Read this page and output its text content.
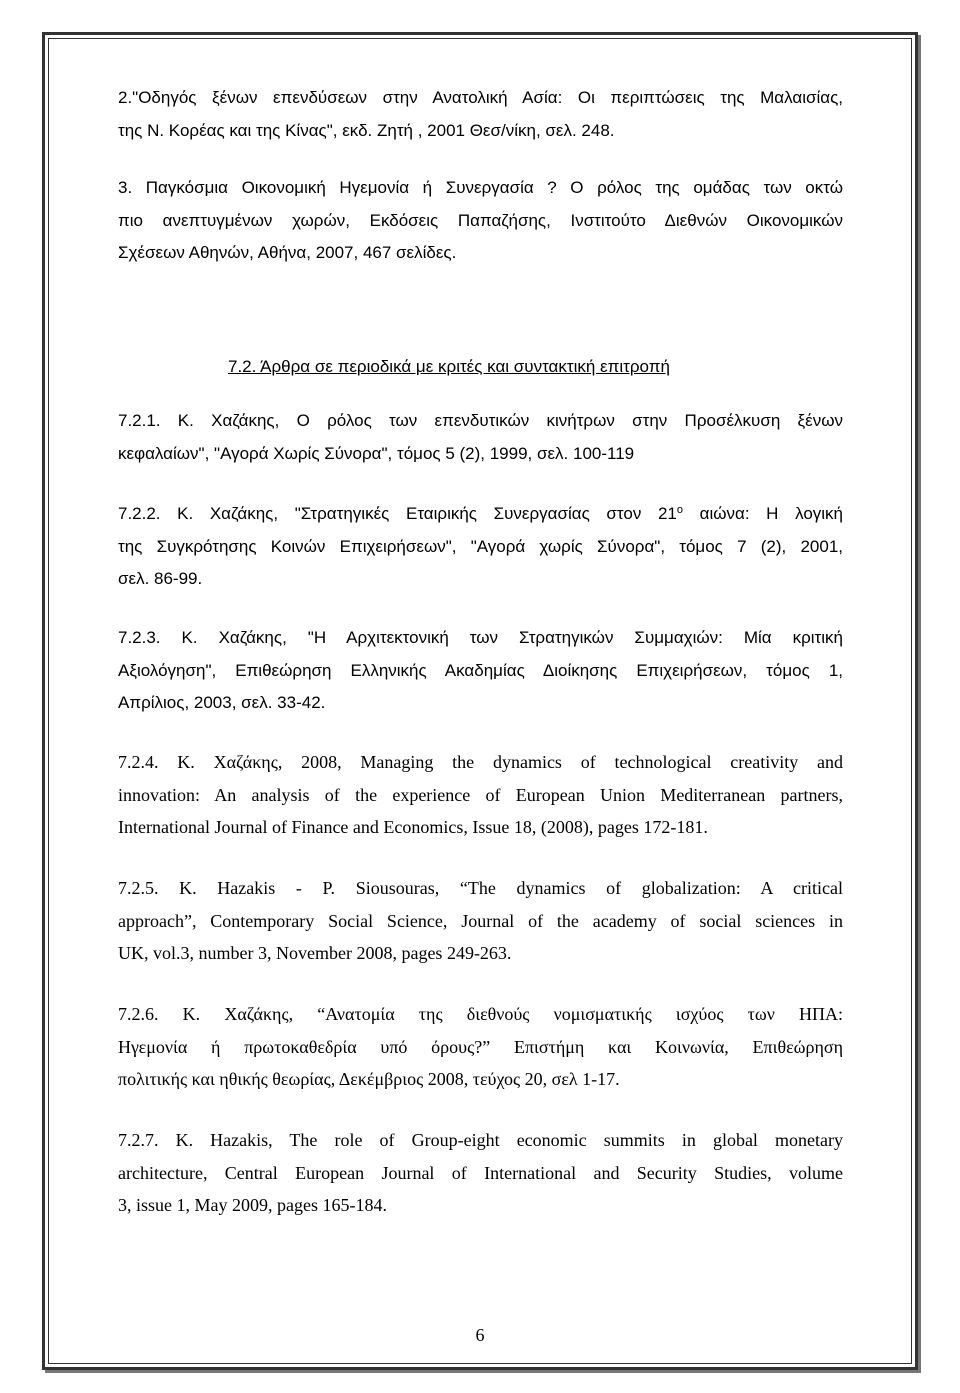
2."Οδηγός ξένων επενδύσεων στην Ανατολική Ασία: Οι περιπτώσεις της Μαλαισίας,
της Ν. Κορέας και της Κίνας", εκδ. Ζητή , 2001 Θεσ/νίκη, σελ. 248.
3. Παγκόσμια Οικονομική Ηγεμονία ή Συνεργασία ? Ο ρόλος της ομάδας των οκτώ
πιο ανεπτυγμένων χωρών, Εκδόσεις Παπαζήσης, Ινστιτούτο Διεθνών Οικονομικών
Σχέσεων Αθηνών, Αθήνα, 2007, 467 σελίδες.
7.2. Άρθρα σε περιοδικά με κριτές και συντακτική επιτροπή
7.2.1. Κ. Χαζάκης, Ο ρόλος των επενδυτικών κινήτρων στην Προσέλκυση ξένων
κεφαλαίων", "Αγορά Χωρίς Σύνορα", τόμος 5 (2), 1999, σελ. 100-119
7.2.2. Κ. Χαζάκης, "Στρατηγικές Εταιρικής Συνεργασίας στον $21^o$ αιώνα: Η λογική
της Συγκρότησης Κοινών Επιχειρήσεων", "Αγορά χωρίς Σύνορα", τόμος 7 (2), 2001,
σελ. 86-99.
7.2.3. Κ. Χαζάκης, "Η Αρχιτεκτονική των Στρατηγικών Συμμαχιών: Μία κριτική
Αξιολόγηση", Επιθεώρηση Ελληνικής Ακαδημίας Διοίκησης Επιχειρήσεων, τόμος 1,
Απρίλιος, 2003, σελ. 33-42.
7.2.4. Κ. Χαζάκης, 2008, Managing the dynamics of technological creativity and
innovation: An analysis of the experience of European Union Mediterranean partners,
International Journal of Finance and Economics, Issue 18, (2008), pages 172-181.
7.2.5. K. Hazakis - P. Siousouras, “The dynamics of globalization: A critical
approach”, Contemporary Social Science, Journal of the academy of social sciences in
UK, vol.3, number 3, November 2008, pages 249-263.
7.2.6. Κ. Χαζάκης, “Ανατομία της διεθνούς νομισματικής ισχύος των ΗΠΑ:
Ηγεμονία ή πρωτοκαθεδρία υπό όρους?” Επιστήμη και Κοινωνία, Επιθεώρηση
πολιτικής και ηθικής θεωρίας, Δεκέμβριος 2008, τεύχος 20, σελ 1-17.
7.2.7. K. Hazakis, The role of Group-eight economic summits in global monetary
architecture, Central European Journal of International and Security Studies, volume
3, issue 1, May 2009, pages 165-184.
6
